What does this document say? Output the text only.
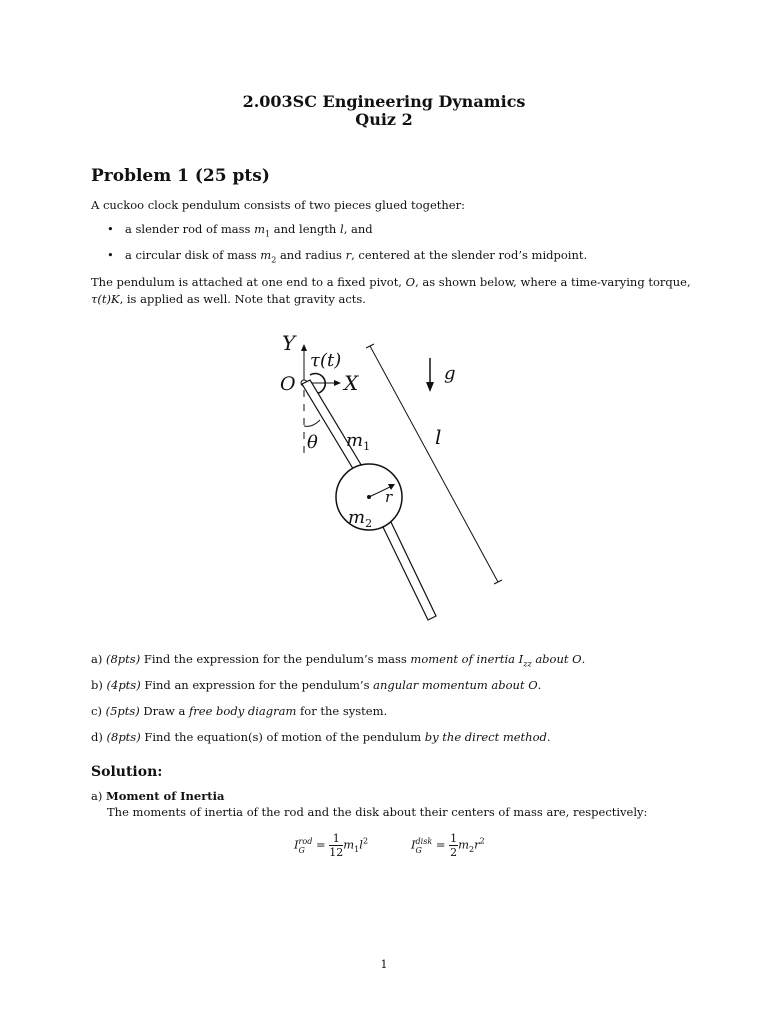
2.003SC Engineering Dynamics
Quiz 2
Problem 1 (25 pts)
A cuckoo clock pendulum consists of two pieces glued together:
• a slender rod of mass $m_1$ and length l, and
• a circular disk of mass $m_2$ and radius r, centered at the slender rod’s midpoint.
The pendulum is attached at one end to a fixed pivot, O, as shown below, where a time-varying torque,
τ(t)K, is applied as well. Note that gravity acts.
Y
τ(t)
X
O
θ
r
$m_1$
$m_2$
l
g
a) (8pts) Find the expression for the pendulum’s mass moment of inertia $I_{zz}$ about O.
b) (4pts) Find an expression for the pendulum’s angular momentum about O.
c) (5pts) Draw a free body diagram for the system.
d) (8pts) Find the equation(s) of motion of the pendulum by the direct method.
Solution:
a) Moment of Inertia
The moments of inertia of the rod and the disk about their centers of mass are, respectively:
I rod
$G = \frac{1}{12} m_1l^2$	I disk
G	= $\frac{1}{2} m_2r^2$
1
